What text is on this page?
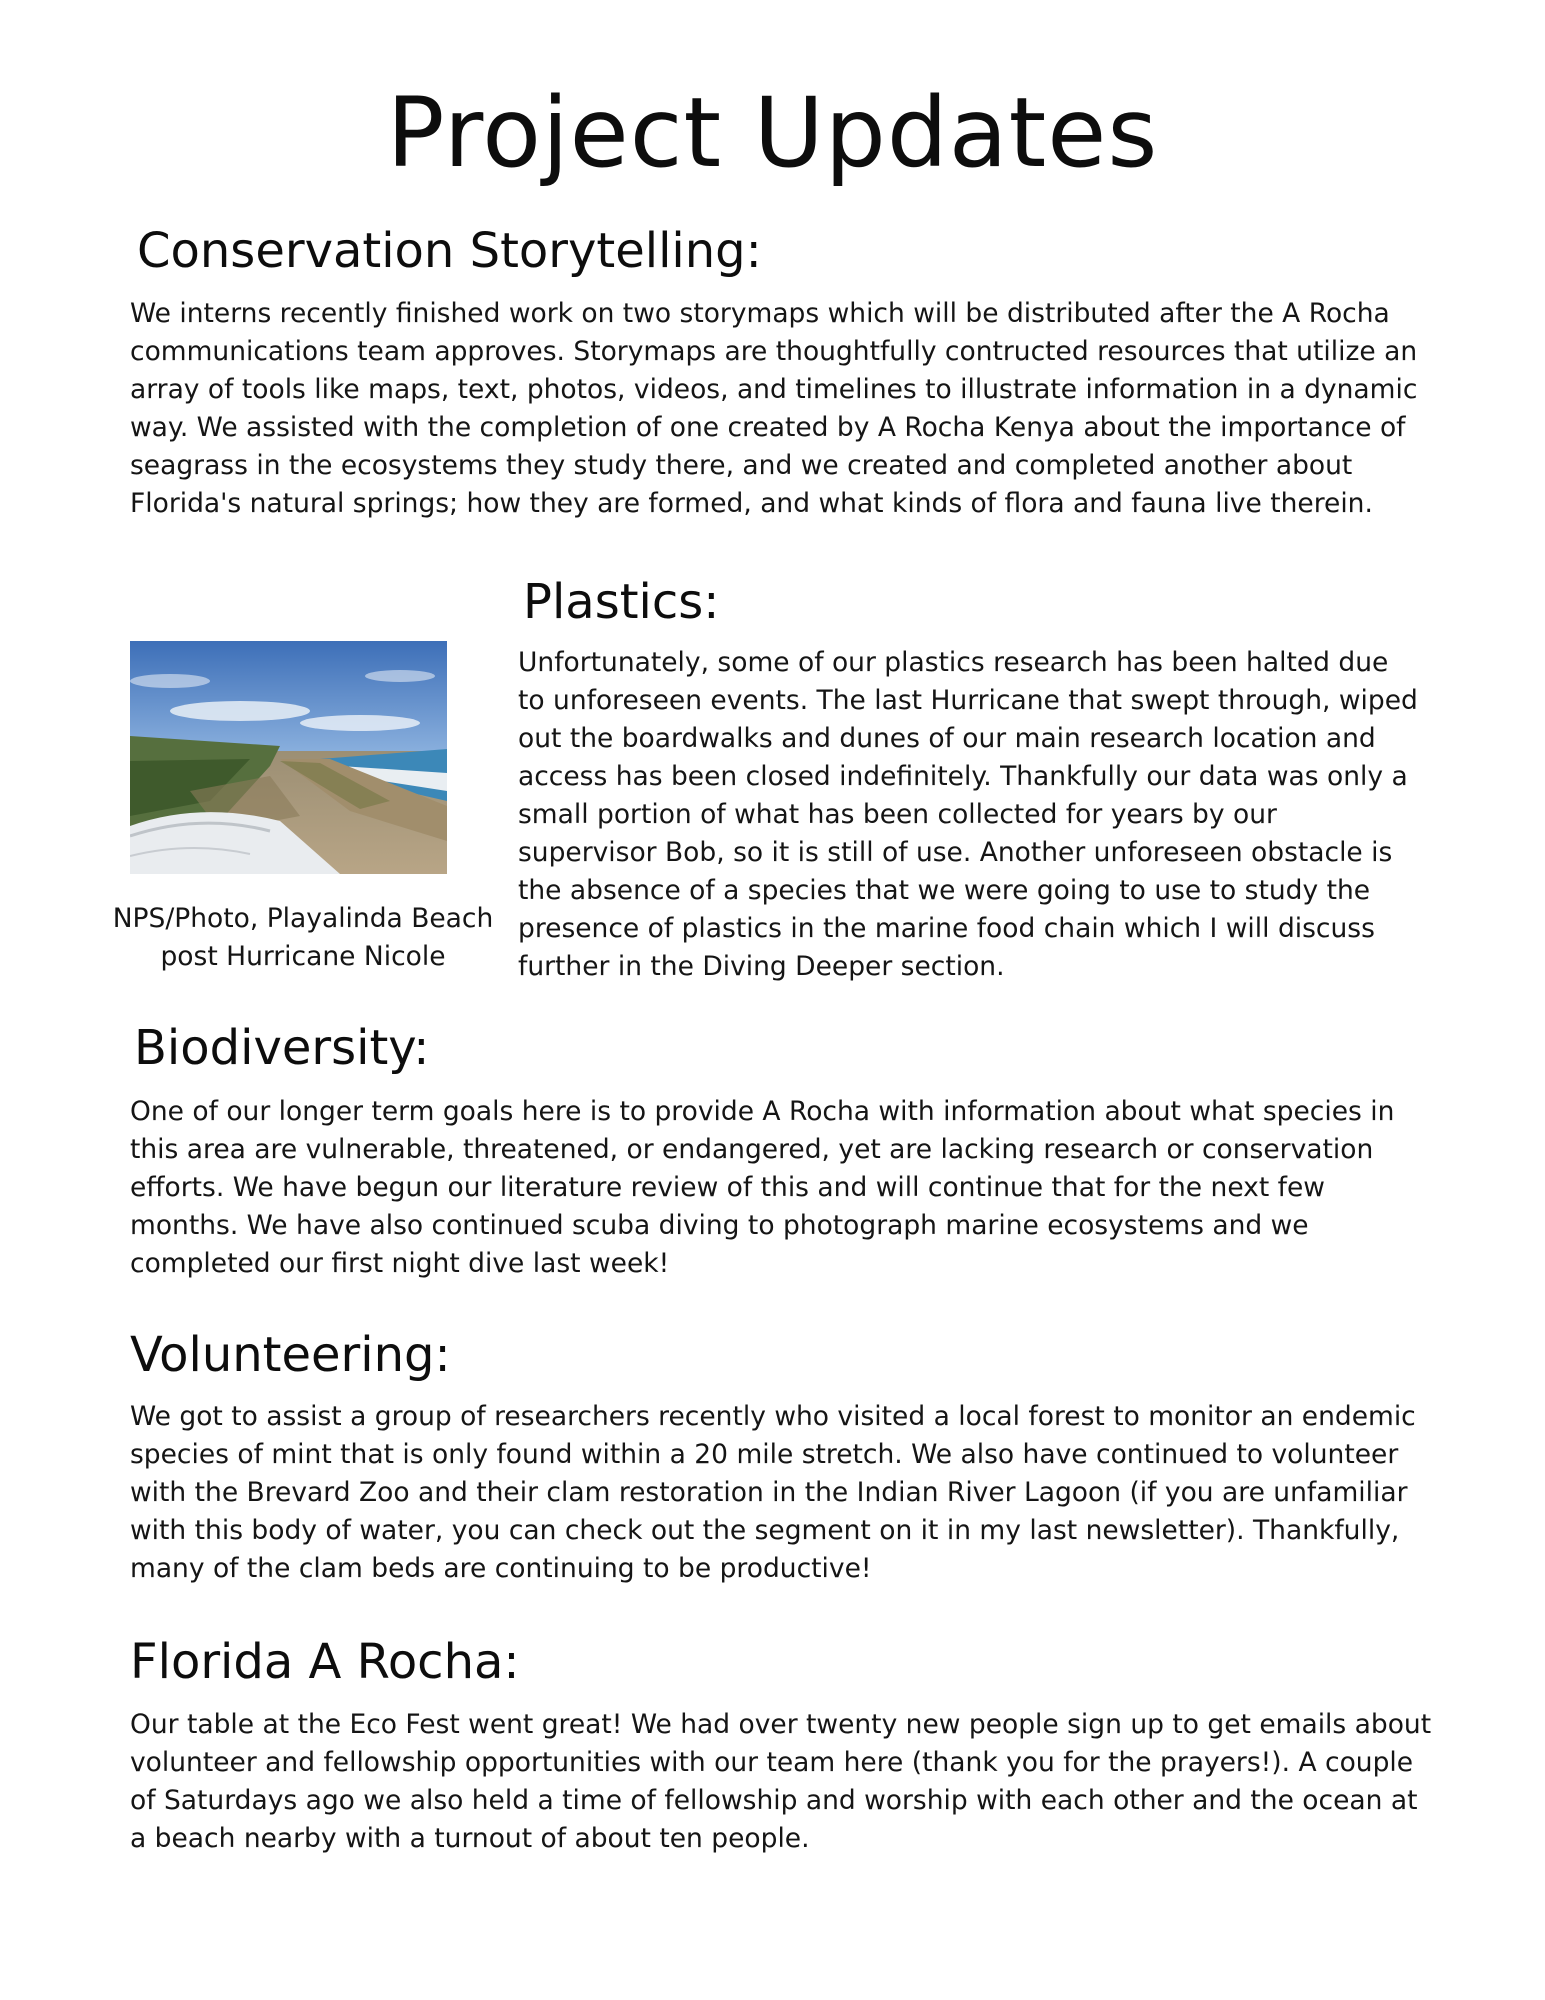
Project Updates
Conservation Storytelling:

We interns recently finished work on two storymaps which will be distributed after the A Rocha communications team approves. Storymaps are thoughtfully contructed resources that utilize an array of tools like maps, text, photos, videos, and timelines to illustrate information in a dynamic way. We assisted with the completion of one created by A Rocha Kenya about the importance of seagrass in the ecosystems they study there, and we created and completed another about Florida's natural springs; how they are formed, and what kinds of flora and fauna live therein.

NPS/Photo, Playalinda Beach post Hurricane Nicole

Plastics:

Unfortunately, some of our plastics research has been halted due to unforeseen events. The last Hurricane that swept through, wiped out the boardwalks and dunes of our main research location and access has been closed indefinitely. Thankfully our data was only a small portion of what has been collected for years by our supervisor Bob, so it is still of use. Another unforeseen obstacle is the absence of a species that we were going to use to study the presence of plastics in the marine food chain which I will discuss further in the Diving Deeper section.

Biodiversity:

One of our longer term goals here is to provide A Rocha with information about what species in this area are vulnerable, threatened, or endangered, yet are lacking research or conservation efforts. We have begun our literature review of this and will continue that for the next few months. We have also continued scuba diving to photograph marine ecosystems and we completed our first night dive last week!

Volunteering:

We got to assist a group of researchers recently who visited a local forest to monitor an endemic species of mint that is only found within a 20 mile stretch. We also have continued to volunteer with the Brevard Zoo and their clam restoration in the Indian River Lagoon (if you are unfamiliar with this body of water, you can check out the segment on it in my last newsletter). Thankfully, many of the clam beds are continuing to be productive!

Florida A Rocha:

Our table at the Eco Fest went great! We had over twenty new people sign up to get emails about volunteer and fellowship opportunities with our team here (thank you for the prayers!). A couple of Saturdays ago we also held a time of fellowship and worship with each other and the ocean at a beach nearby with a turnout of about ten people.
